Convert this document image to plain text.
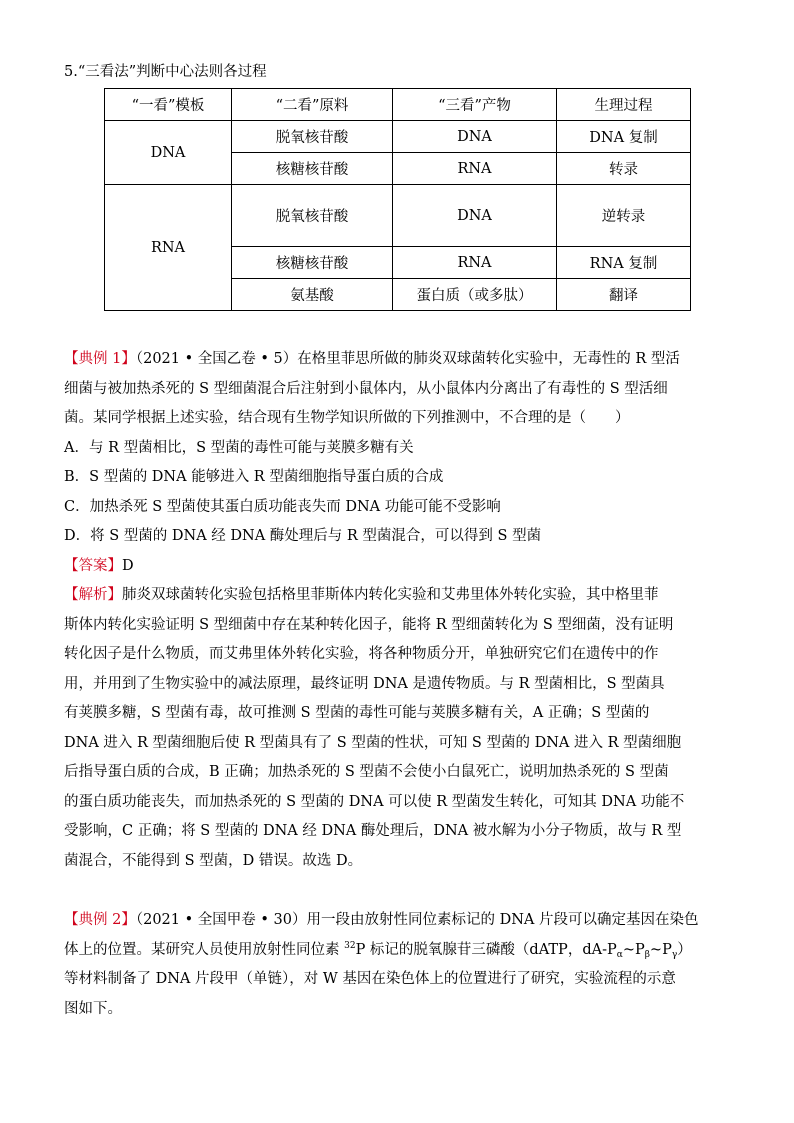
5.“三看法”判断中心法则各过程
“一看”模板	“二看”原料	“三看”产物	生理过程
DNA	脱氧核苷酸	DNA	DNA 复制
	核糖核苷酸	RNA	转录
RNA	脱氧核苷酸	DNA	逆转录
	核糖核苷酸	RNA	RNA 复制
	氨基酸	蛋白质（或多肽）	翻译

【典例 1】（2021 • 全国乙卷 • 5）在格里菲思所做的肺炎双球菌转化实验中，无毒性的 R 型活

细菌与被加热杀死的 S 型细菌混合后注射到小鼠体内，从小鼠体内分离出了有毒性的 S 型活细

菌。某同学根据上述实验，结合现有生物学知识所做的下列推测中，不合理的是（　　）

A．与 R 型菌相比，S 型菌的毒性可能与荚膜多糖有关

B．S 型菌的 DNA 能够进入 R 型菌细胞指导蛋白质的合成

C．加热杀死 S 型菌使其蛋白质功能丧失而 DNA 功能可能不受影响

D．将 S 型菌的 DNA 经 DNA 酶处理后与 R 型菌混合，可以得到 S 型菌

【答案】D

【解析】肺炎双球菌转化实验包括格里菲斯体内转化实验和艾弗里体外转化实验，其中格里菲

斯体内转化实验证明 S 型细菌中存在某种转化因子，能将 R 型细菌转化为 S 型细菌，没有证明

转化因子是什么物质，而艾弗里体外转化实验，将各种物质分开，单独研究它们在遗传中的作

用，并用到了生物实验中的减法原理，最终证明 DNA 是遗传物质。与 R 型菌相比，S 型菌具

有荚膜多糖，S 型菌有毒，故可推测 S 型菌的毒性可能与荚膜多糖有关，A 正确；S 型菌的

DNA 进入 R 型菌细胞后使 R 型菌具有了 S 型菌的性状，可知 S 型菌的 DNA 进入 R 型菌细胞

后指导蛋白质的合成，B 正确；加热杀死的 S 型菌不会使小白鼠死亡，说明加热杀死的 S 型菌

的蛋白质功能丧失，而加热杀死的 S 型菌的 DNA 可以使 R 型菌发生转化，可知其 DNA 功能不

受影响，C 正确；将 S 型菌的 DNA 经 DNA 酶处理后，DNA 被水解为小分子物质，故与 R 型

菌混合，不能得到 S 型菌，D 错误。故选 D。

【典例 2】（2021 • 全国甲卷 • 30）用一段由放射性同位素标记的 DNA 片段可以确定基因在染色

体上的位置。某研究人员使用放射性同位素 $^{32}$P 标记的脱氧腺苷三磷酸（dATP，$dA-P_\alpha\sim P_\beta\sim P_\gamma$）

等材料制备了 DNA 片段甲（单链），对 W 基因在染色体上的位置进行了研究，实验流程的示意

图如下。
